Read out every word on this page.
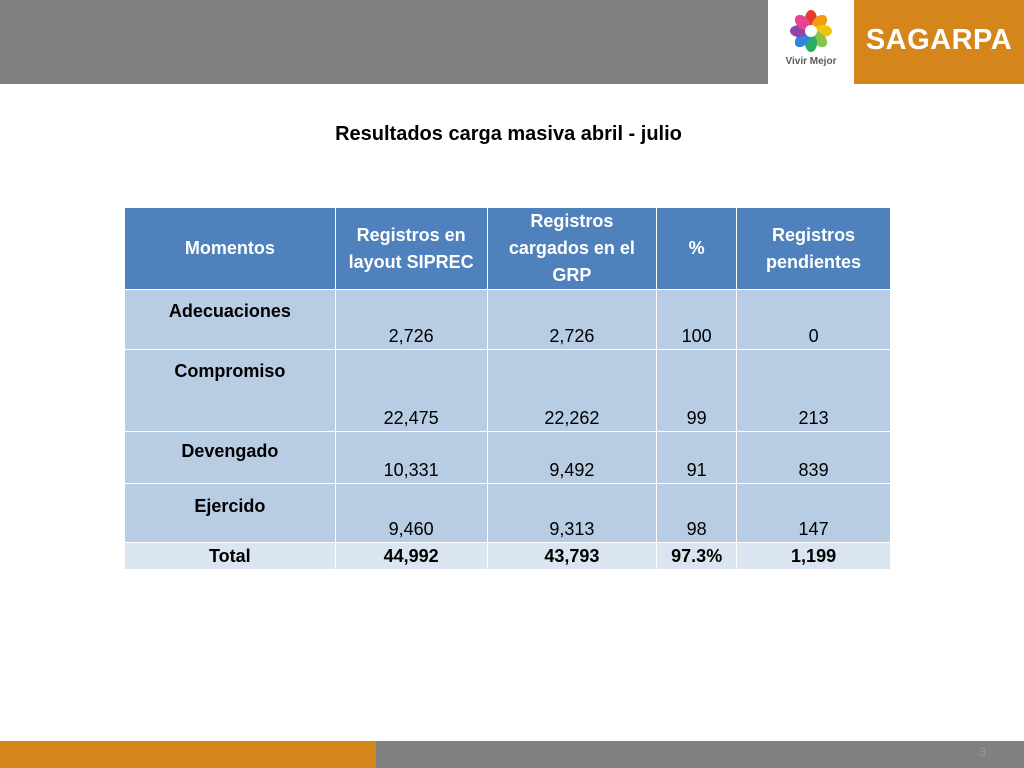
Vivir Mejor
SAGARPA
Resultados carga masiva abril - julio
Momentos	Registros en layout SIPREC	Registros cargados en el GRP	%	Registros pendientes
Adecuaciones	2,726	2,726	100	0
Compromiso	22,475	22,262	99	213
Devengado	10,331	9,492	91	839
Ejercido	9,460	9,313	98	147
Total	44,992	43,793	97.3%	1,199
3
